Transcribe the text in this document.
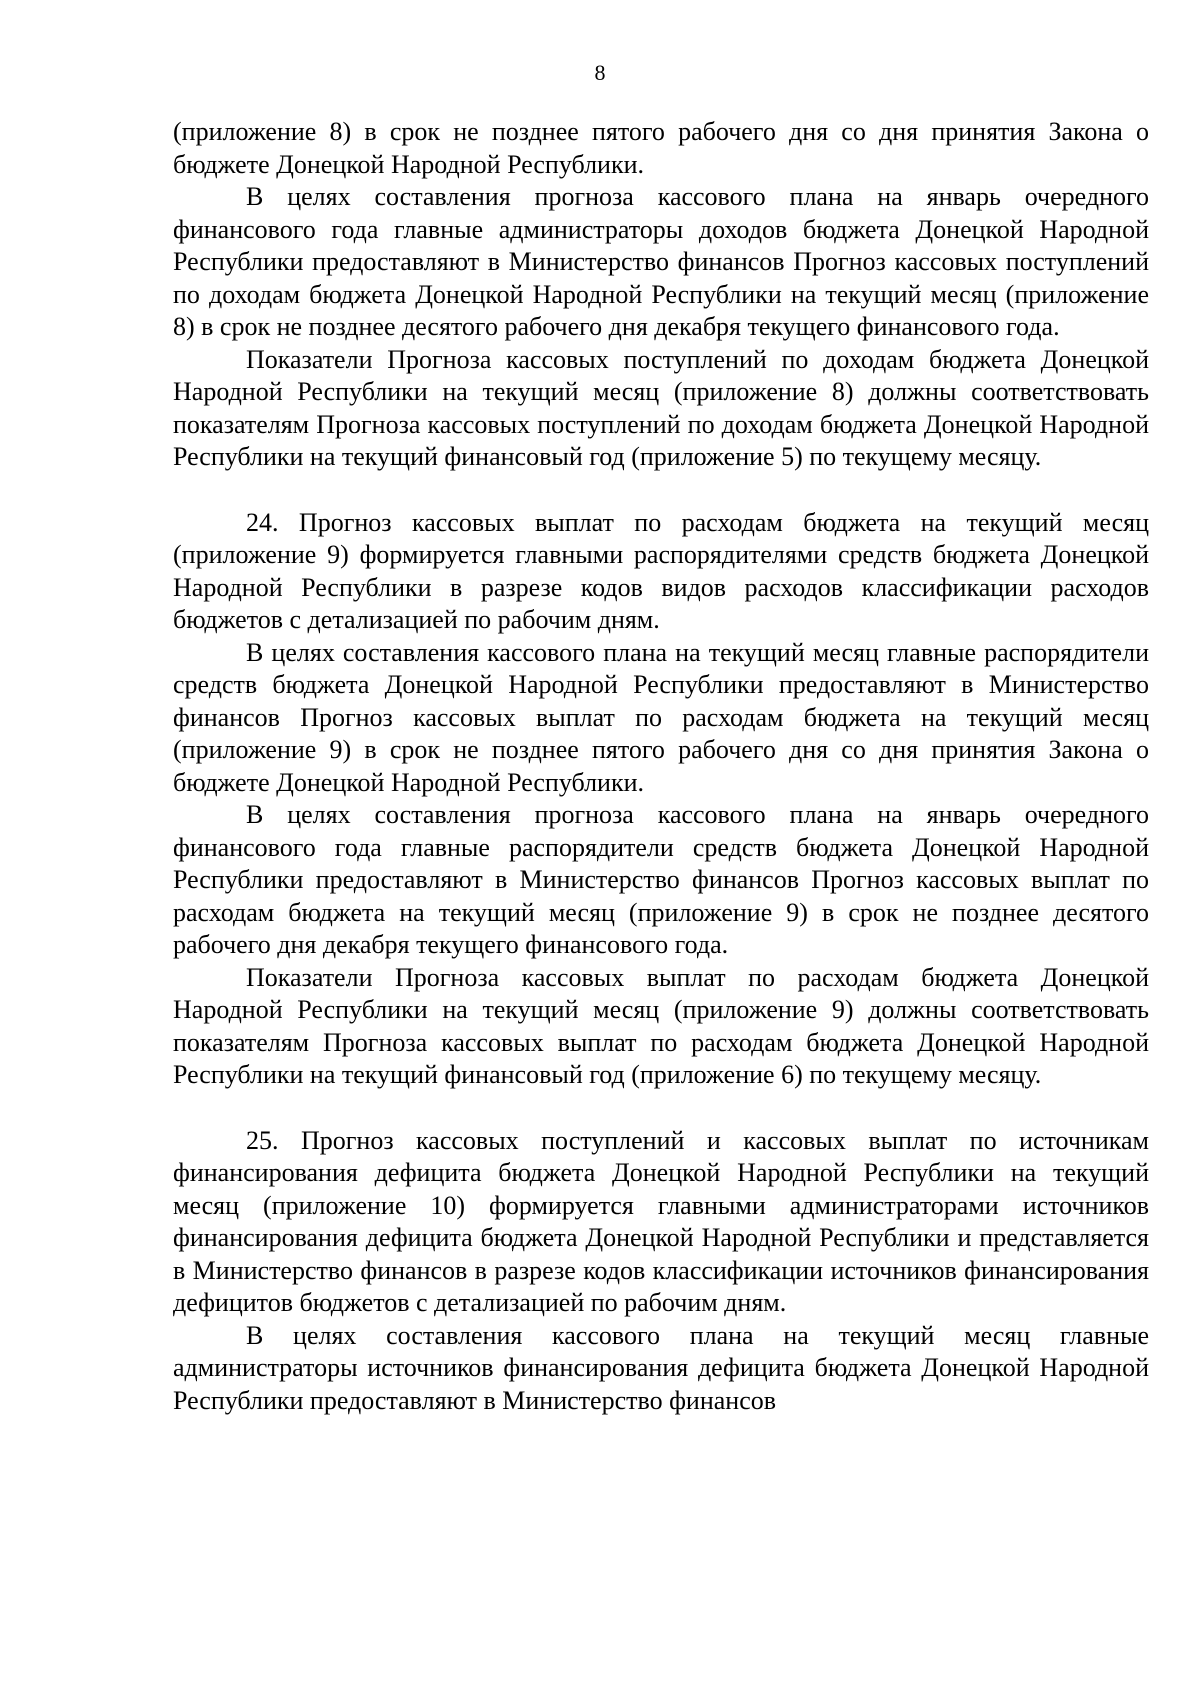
8

(приложение 8) в срок не позднее пятого рабочего дня со дня принятия Закона о бюджете Донецкой Народной Республики.

В целях составления прогноза кассового плана на январь очередного финансового года главные администраторы доходов бюджета Донецкой Народной Республики предоставляют в Министерство финансов Прогноз кассовых поступлений по доходам бюджета Донецкой Народной Республики на текущий месяц (приложение 8) в срок не позднее десятого рабочего дня декабря текущего финансового года.

Показатели Прогноза кассовых поступлений по доходам бюджета Донецкой Народной Республики на текущий месяц (приложение 8) должны соответствовать показателям Прогноза кассовых поступлений по доходам бюджета Донецкой Народной Республики на текущий финансовый год (приложение 5) по текущему месяцу.

24. Прогноз кассовых выплат по расходам бюджета на текущий месяц (приложение 9) формируется главными распорядителями средств бюджета Донецкой Народной Республики в разрезе кодов видов расходов классификации расходов бюджетов с детализацией по рабочим дням.

В целях составления кассового плана на текущий месяц главные распорядители средств бюджета Донецкой Народной Республики предоставляют в Министерство финансов Прогноз кассовых выплат по расходам бюджета на текущий месяц (приложение 9) в срок не позднее пятого рабочего дня со дня принятия Закона о бюджете Донецкой Народной Республики.

В целях составления прогноза кассового плана на январь очередного финансового года главные распорядители средств бюджета Донецкой Народной Республики предоставляют в Министерство финансов Прогноз кассовых выплат по расходам бюджета на текущий месяц (приложение 9) в срок не позднее десятого рабочего дня декабря текущего финансового года.

Показатели Прогноза кассовых выплат по расходам бюджета Донецкой Народной Республики на текущий месяц (приложение 9) должны соответствовать показателям Прогноза кассовых выплат по расходам бюджета Донецкой Народной Республики на текущий финансовый год (приложение 6) по текущему месяцу.

25. Прогноз кассовых поступлений и кассовых выплат по источникам финансирования дефицита бюджета Донецкой Народной Республики на текущий месяц (приложение 10) формируется главными администраторами источников финансирования дефицита бюджета Донецкой Народной Республики и представляется в Министерство финансов в разрезе кодов классификации источников финансирования дефицитов бюджетов с детализацией по рабочим дням.

В целях составления кассового плана на текущий месяц главные администраторы источников финансирования дефицита бюджета Донецкой Народной Республики предоставляют в Министерство финансов
